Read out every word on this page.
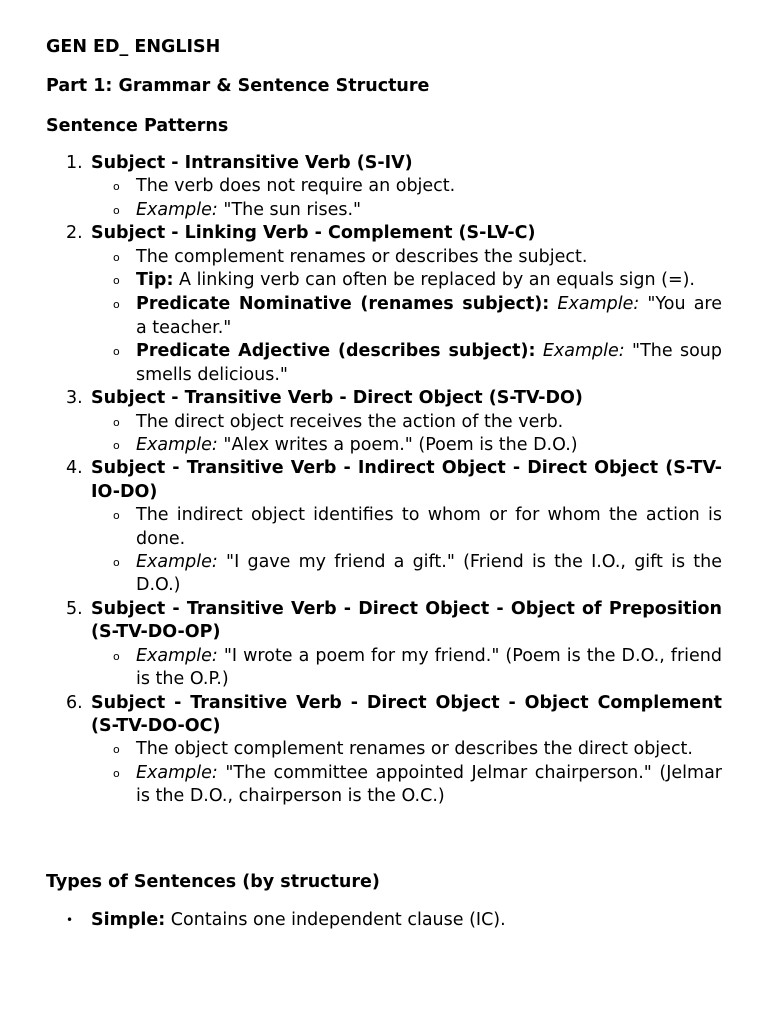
GEN ED_ ENGLISH
Part 1: Grammar & Sentence Structure
Sentence Patterns
1. Subject - Intransitive Verb (S-IV)
o The verb does not require an object.
o Example: "The sun rises."
2. Subject - Linking Verb - Complement (S-LV-C)
o The complement renames or describes the subject.
o Tip: A linking verb can often be replaced by an equals sign (=).
o Predicate Nominative (renames subject): Example: "You are a teacher."
o Predicate Adjective (describes subject): Example: "The soup smells delicious."
3. Subject - Transitive Verb - Direct Object (S-TV-DO)
o The direct object receives the action of the verb.
o Example: "Alex writes a poem." (Poem is the D.O.)
4. Subject - Transitive Verb - Indirect Object - Direct Object (S-TV-IO-DO)
o The indirect object identifies to whom or for whom the action is done.
o Example: "I gave my friend a gift." (Friend is the I.O., gift is the D.O.)
5. Subject - Transitive Verb - Direct Object - Object of Preposition (S-TV-DO-OP)
o Example: "I wrote a poem for my friend." (Poem is the D.O., friend is the O.P.)
6. Subject - Transitive Verb - Direct Object - Object Complement (S-TV-DO-OC)
o The object complement renames or describes the direct object.
o Example: "The committee appointed Jelmar chairperson." (Jelmar is the D.O., chairperson is the O.C.)
Types of Sentences (by structure)
• Simple: Contains one independent clause (IC).
